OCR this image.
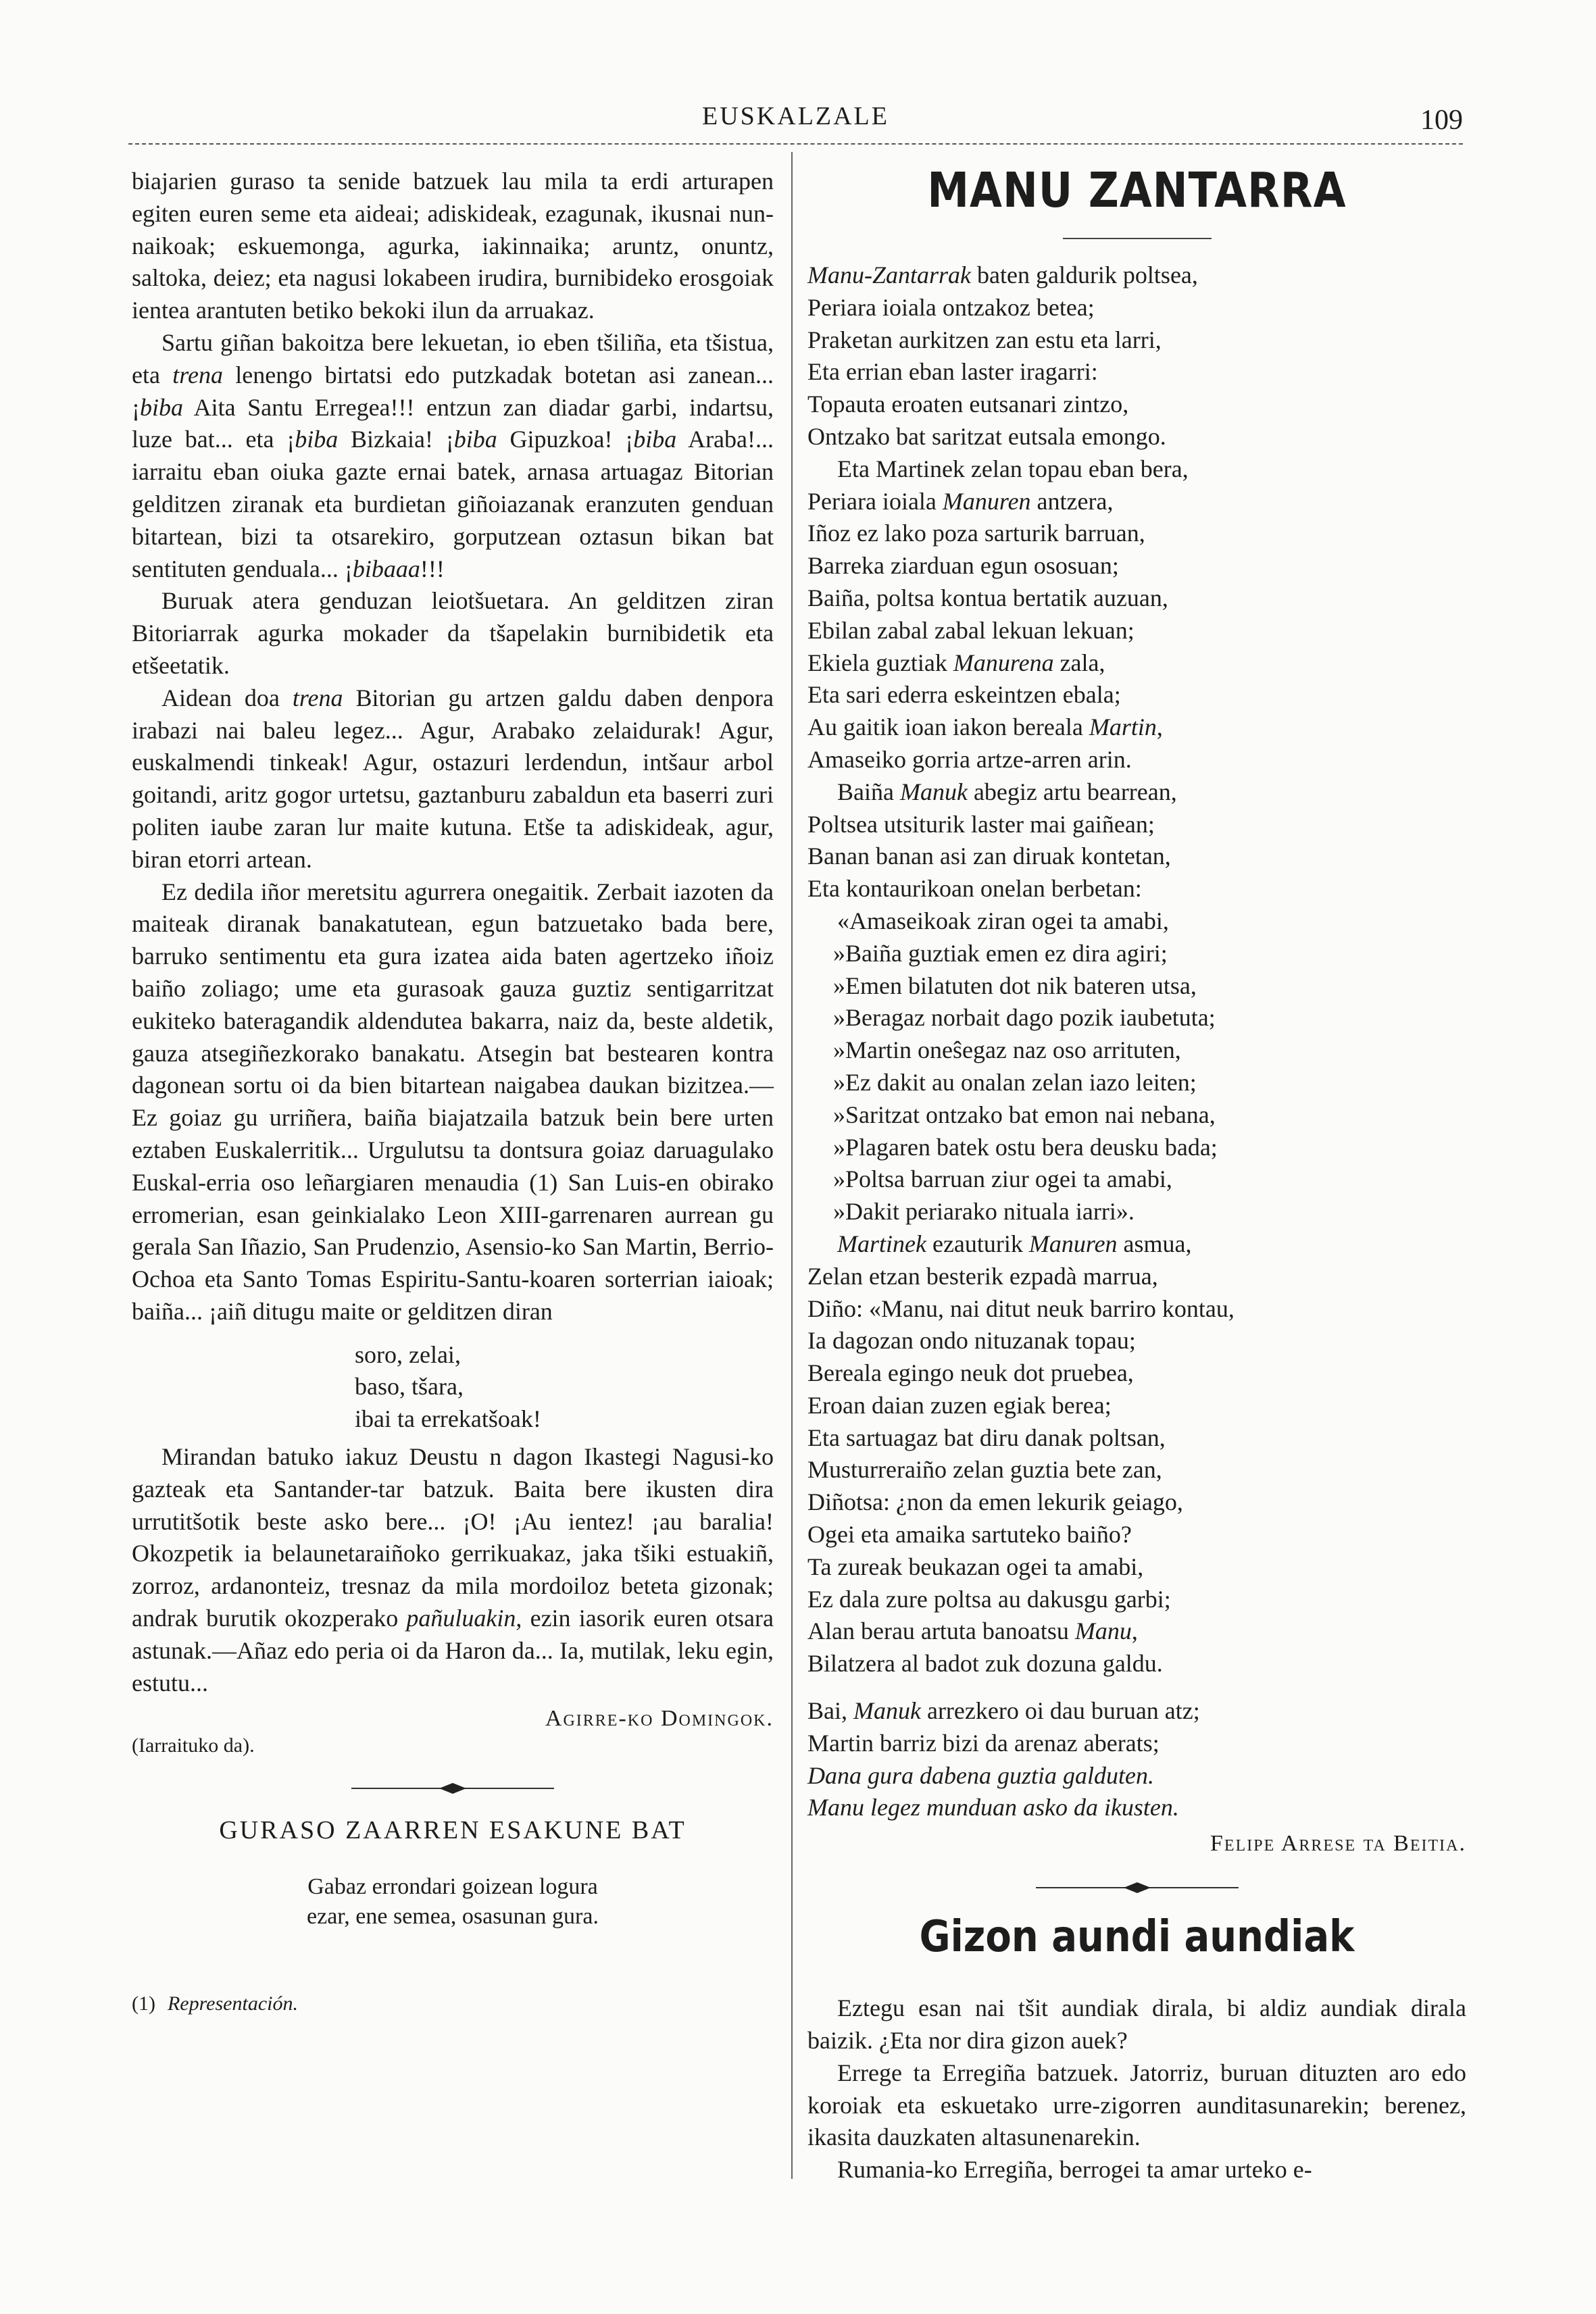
EUSKALZALE	109

biajarien guraso ta senide batzuek lau mila ta erdi arturapen egiten euren seme eta aideai; adiskideak, ezagunak, ikusnai nun-naikoak; eskuemonga, agurka, iakinnaika; aruntz, onuntz, saltoka, deiez; eta nagusi lokabeen irudira, burnibideko erosgoiak ientea arantuten betiko bekoki ilun da arruakaz.

Sartu giñan bakoitza bere lekuetan, io eben tšiliña, eta tšistua, eta trena lenengo birtatsi edo putzkadak botetan asi zanean... ¡biba Aita Santu Erregea!!! entzun zan diadar garbi, indartsu, luze bat... eta ¡biba Bizkaia! ¡biba Gipuzkoa! ¡biba Araba!... iarraitu eban oiuka gazte ernai batek, arnasa artuagaz Bitorian gelditzen ziranak eta burdietan giñoiazanak eranzuten genduan bitartean, bizi ta otsarekiro, gorputzean oztasun bikan bat sentituten genduala... ¡bibaaa!!!

Buruak atera genduzan leiotšuetara. An gelditzen ziran Bitoriarrak agurka mokader da tšapelakin burnibidetik eta etšeetatik.

Aidean doa trena Bitorian gu artzen galdu daben denpora irabazi nai baleu legez... Agur, Arabako zelaidurak! Agur, euskalmendi tinkeak! Agur, ostazuri lerdendun, intšaur arbol goitandi, aritz gogor urtetsu, gaztanburu zabaldun eta baserri zuri politen iaube zaran lur maite kutuna. Etše ta adiskideak, agur, biran etorri artean.

Ez dedila iñor meretsitu agurrera onegaitik. Zerbait iazoten da maiteak diranak banakatutean, egun batzuetako bada bere, barruko sentimentu eta gura izatea aida baten agertzeko iñoiz baiño zoliago; ume eta gurasoak gauza guztiz sentigarritzat eukiteko bateragandik aldendutea bakarra, naiz da, beste aldetik, gauza atsegiñezkorako banakatu. Atsegin bat bestearen kontra dagonean sortu oi da bien bitartean naigabea daukan bizitzea.—Ez goiaz gu urriñera, baiña biajatzaila batzuk bein bere urten eztaben Euskalerritik... Urgulutsu ta dontsura goiaz daruagulako Euskal-erria oso leñargiaren menaudia (1) San Luis-en obirako erromerian, esan geinkialako Leon XIII-garrenaren aurrean gu gerala San Iñazio, San Prudenzio, Asensio-ko San Martin, Berrio-Ochoa eta Santo Tomas Espiritu-Santu-koaren sorterrian iaioak; baiña... ¡aiñ ditugu maite or gelditzen diran

soro, zelai,
baso, tšara,
ibai ta errekatšoak!

Mirandan batuko iakuz Deustu n dagon Ikastegi Nagusi-ko gazteak eta Santander-tar batzuk. Baita bere ikusten dira urrutitšotik beste asko bere... ¡O! ¡Au ientez! ¡au baralia! Okozpetik ia belaunetaraiñoko gerrikuakaz, jaka tšiki estuakiñ, zorroz, ardanonteiz, tresnaz da mila mordoiloz beteta gizonak; andrak burutik okozperako pañuluakin, ezin iasorik euren otsara astunak.—Añaz edo peria oi da Haron da... Ia, mutilak, leku egin, estutu...

Agirre-ko Domingok.
(Iarraituko da).
GURASO ZAARREN ESAKUNE BAT
Gabaz errondari goizean logura
ezar, ene semea, osasunan gura.
(1) Representación.
MANU ZANTARRA
Manu-Zantarrak baten galdurik poltsea,
Periara ioiala ontzakoz betea;
Praketan aurkitzen zan estu eta larri,
Eta errian eban laster iragarri:
Topauta eroaten eutsanari zintzo,
Ontzako bat saritzat eutsala emongo.
Eta Martinek zelan topau eban bera,
Periara ioiala Manuren antzera,
Iñoz ez lako poza sarturik barruan,
Barreka ziarduan egun ososuan;
Baiña, poltsa kontua bertatik auzuan,
Ebilan zabal zabal lekuan lekuan;
Ekiela guztiak Manurena zala,
Eta sari ederra eskeintzen ebala;
Au gaitik ioan iakon bereala Martin,
Amaseiko gorria artze-arren arin.
Baiña Manuk abegiz artu bearrean,
Poltsea utsiturik laster mai gaiñean;
Banan banan asi zan diruak kontetan,
Eta kontaurikoan onelan berbetan:
«Amaseikoak ziran ogei ta amabi,
»Baiña guztiak emen ez dira agiri;
»Emen bilatuten dot nik bateren utsa,
»Beragaz norbait dago pozik iaubetuta;
»Martin oneŝegaz naz oso arrituten,
»Ez dakit au onalan zelan iazo leiten;
»Saritzat ontzako bat emon nai nebana,
»Plagaren batek ostu bera deusku bada;
»Poltsa barruan ziur ogei ta amabi,
»Dakit periarako nituala iarri».
Martinek ezauturik Manuren asmua,
Zelan etzan besterik ezpadà marrua,
Diño: «Manu, nai ditut neuk barriro kontau,
Ia dagozan ondo nituzanak topau;
Bereala egingo neuk dot pruebea,
Eroan daian zuzen egiak berea;
Eta sartuagaz bat diru danak poltsan,
Musturreraiño zelan guztia bete zan,
Diñotsa: ¿non da emen lekurik geiago,
Ogei eta amaika sartuteko baiño?
Ta zureak beukazan ogei ta amabi,
Ez dala zure poltsa au dakusgu garbi;
Alan berau artuta banoatsu Manu,
Bilatzera al badot zuk dozuna galdu.
Bai, Manuk arrezkero oi dau buruan atz;
Martin barriz bizi da arenaz aberats;
Dana gura dabena guztia galduten.
Manu legez munduan asko da ikusten.
Felipe Arrese ta Beitia.
Gizon aundi aundiak

Eztegu esan nai tšit aundiak dirala, bi aldiz aundiak dirala baizik. ¿Eta nor dira gizon auek?

Errege ta Erregiña batzuek. Jatorriz, buruan dituzten aro edo koroiak eta eskuetako urre-zigorren aunditasunarekin; berenez, ikasita dauzkaten altasunenarekin.

Rumania-ko Erregiña, berrogei ta amar urteko e-
